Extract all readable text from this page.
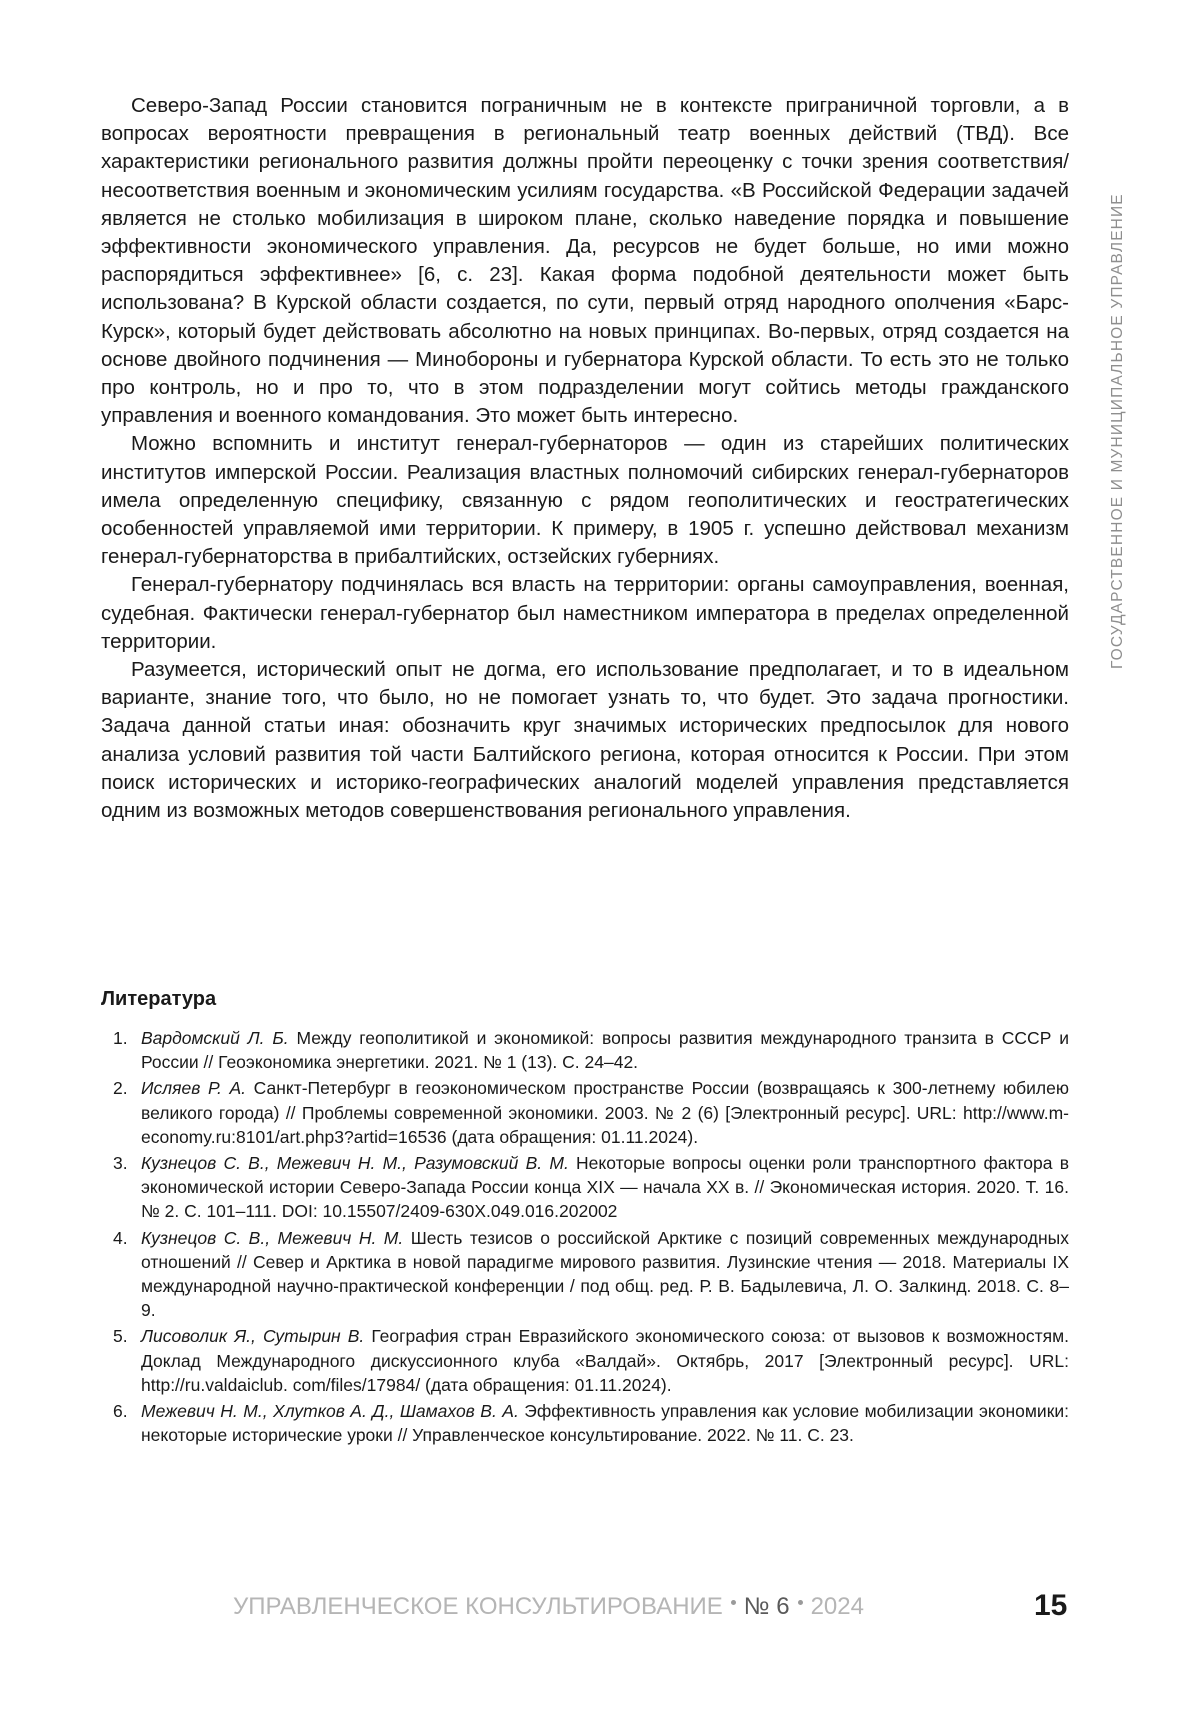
ГОСУДАРСТВЕННОЕ И МУНИЦИПАЛЬНОЕ УПРАВЛЕНИЕ

Северо-Запад России становится пограничным не в контексте приграничной торговли, а в вопросах вероятности превращения в региональный театр военных действий (ТВД). Все характеристики регионального развития должны пройти переоценку с точки зрения соответствия/несоответствия военным и экономическим усилиям государства. «В Российской Федерации задачей является не столько мобилизация в широком плане, сколько наведение порядка и повышение эффективности экономического управления. Да, ресурсов не будет больше, но ими можно распорядиться эффективнее» [6, с. 23]. Какая форма подобной деятельности может быть использована? В Курской области создается, по сути, первый отряд народного ополчения «Барс-Курск», который будет действовать абсолютно на новых принципах. Во-первых, отряд создается на основе двойного подчинения — Минобороны и губернатора Курской области. То есть это не только про контроль, но и про то, что в этом подразделении могут сойтись методы гражданского управления и военного командования. Это может быть интересно.

Можно вспомнить и институт генерал-губернаторов — один из старейших политических институтов имперской России. Реализация властных полномочий сибирских генерал-губернаторов имела определенную специфику, связанную с рядом геополитических и геостратегических особенностей управляемой ими территории. К примеру, в 1905 г. успешно действовал механизм генерал-губернаторства в прибалтийских, остзейских губерниях.

Генерал-губернатору подчинялась вся власть на территории: органы самоуправления, военная, судебная. Фактически генерал-губернатор был наместником императора в пределах определенной территории.

Разумеется, исторический опыт не догма, его использование предполагает, и то в идеальном варианте, знание того, что было, но не помогает узнать то, что будет. Это задача прогностики. Задача данной статьи иная: обозначить круг значимых исторических предпосылок для нового анализа условий развития той части Балтийского региона, которая относится к России. При этом поиск исторических и историко-географических аналогий моделей управления представляется одним из возможных методов совершенствования регионального управления.

Литература
1. Вардомский Л. Б. Между геополитикой и экономикой: вопросы развития международного транзита в СССР и России // Геоэкономика энергетики. 2021. № 1 (13). С. 24–42.
2. Исляев Р. А. Санкт-Петербург в геоэкономическом пространстве России (возвращаясь к 300-летнему юбилею великого города) // Проблемы современной экономики. 2003. № 2 (6) [Электронный ресурс]. URL: http://www.m-economy.ru:8101/art.php3?artid=16536 (дата обращения: 01.11.2024).
3. Кузнецов С. В., Межевич Н. М., Разумовский В. М. Некоторые вопросы оценки роли транспортного фактора в экономической истории Северо-Запада России конца XIX — начала XX в. // Экономическая история. 2020. Т. 16. № 2. С. 101–111. DOI: 10.15507/2409-630X.049.016.202002
4. Кузнецов С. В., Межевич Н. М. Шесть тезисов о российской Арктике с позиций современных международных отношений // Север и Арктика в новой парадигме мирового развития. Лузинские чтения — 2018. Материалы IX международной научно-практической конференции / под общ. ред. Р. В. Бадылевича, Л. О. Залкинд. 2018. С. 8–9.
5. Лисоволик Я., Сутырин В. География стран Евразийского экономического союза: от вызовов к возможностям. Доклад Международного дискуссионного клуба «Валдай». Октябрь, 2017 [Электронный ресурс]. URL: http://ru.valdaiclub. com/files/17984/ (дата обращения: 01.11.2024).
6. Межевич Н. М., Хлутков А. Д., Шамахов В. А. Эффективность управления как условие мобилизации экономики: некоторые исторические уроки // Управленческое консультирование. 2022. № 11. С. 23.
УПРАВЛЕНЧЕСКОЕ КОНСУЛЬТИРОВАНИЕ № 6 2024	15
